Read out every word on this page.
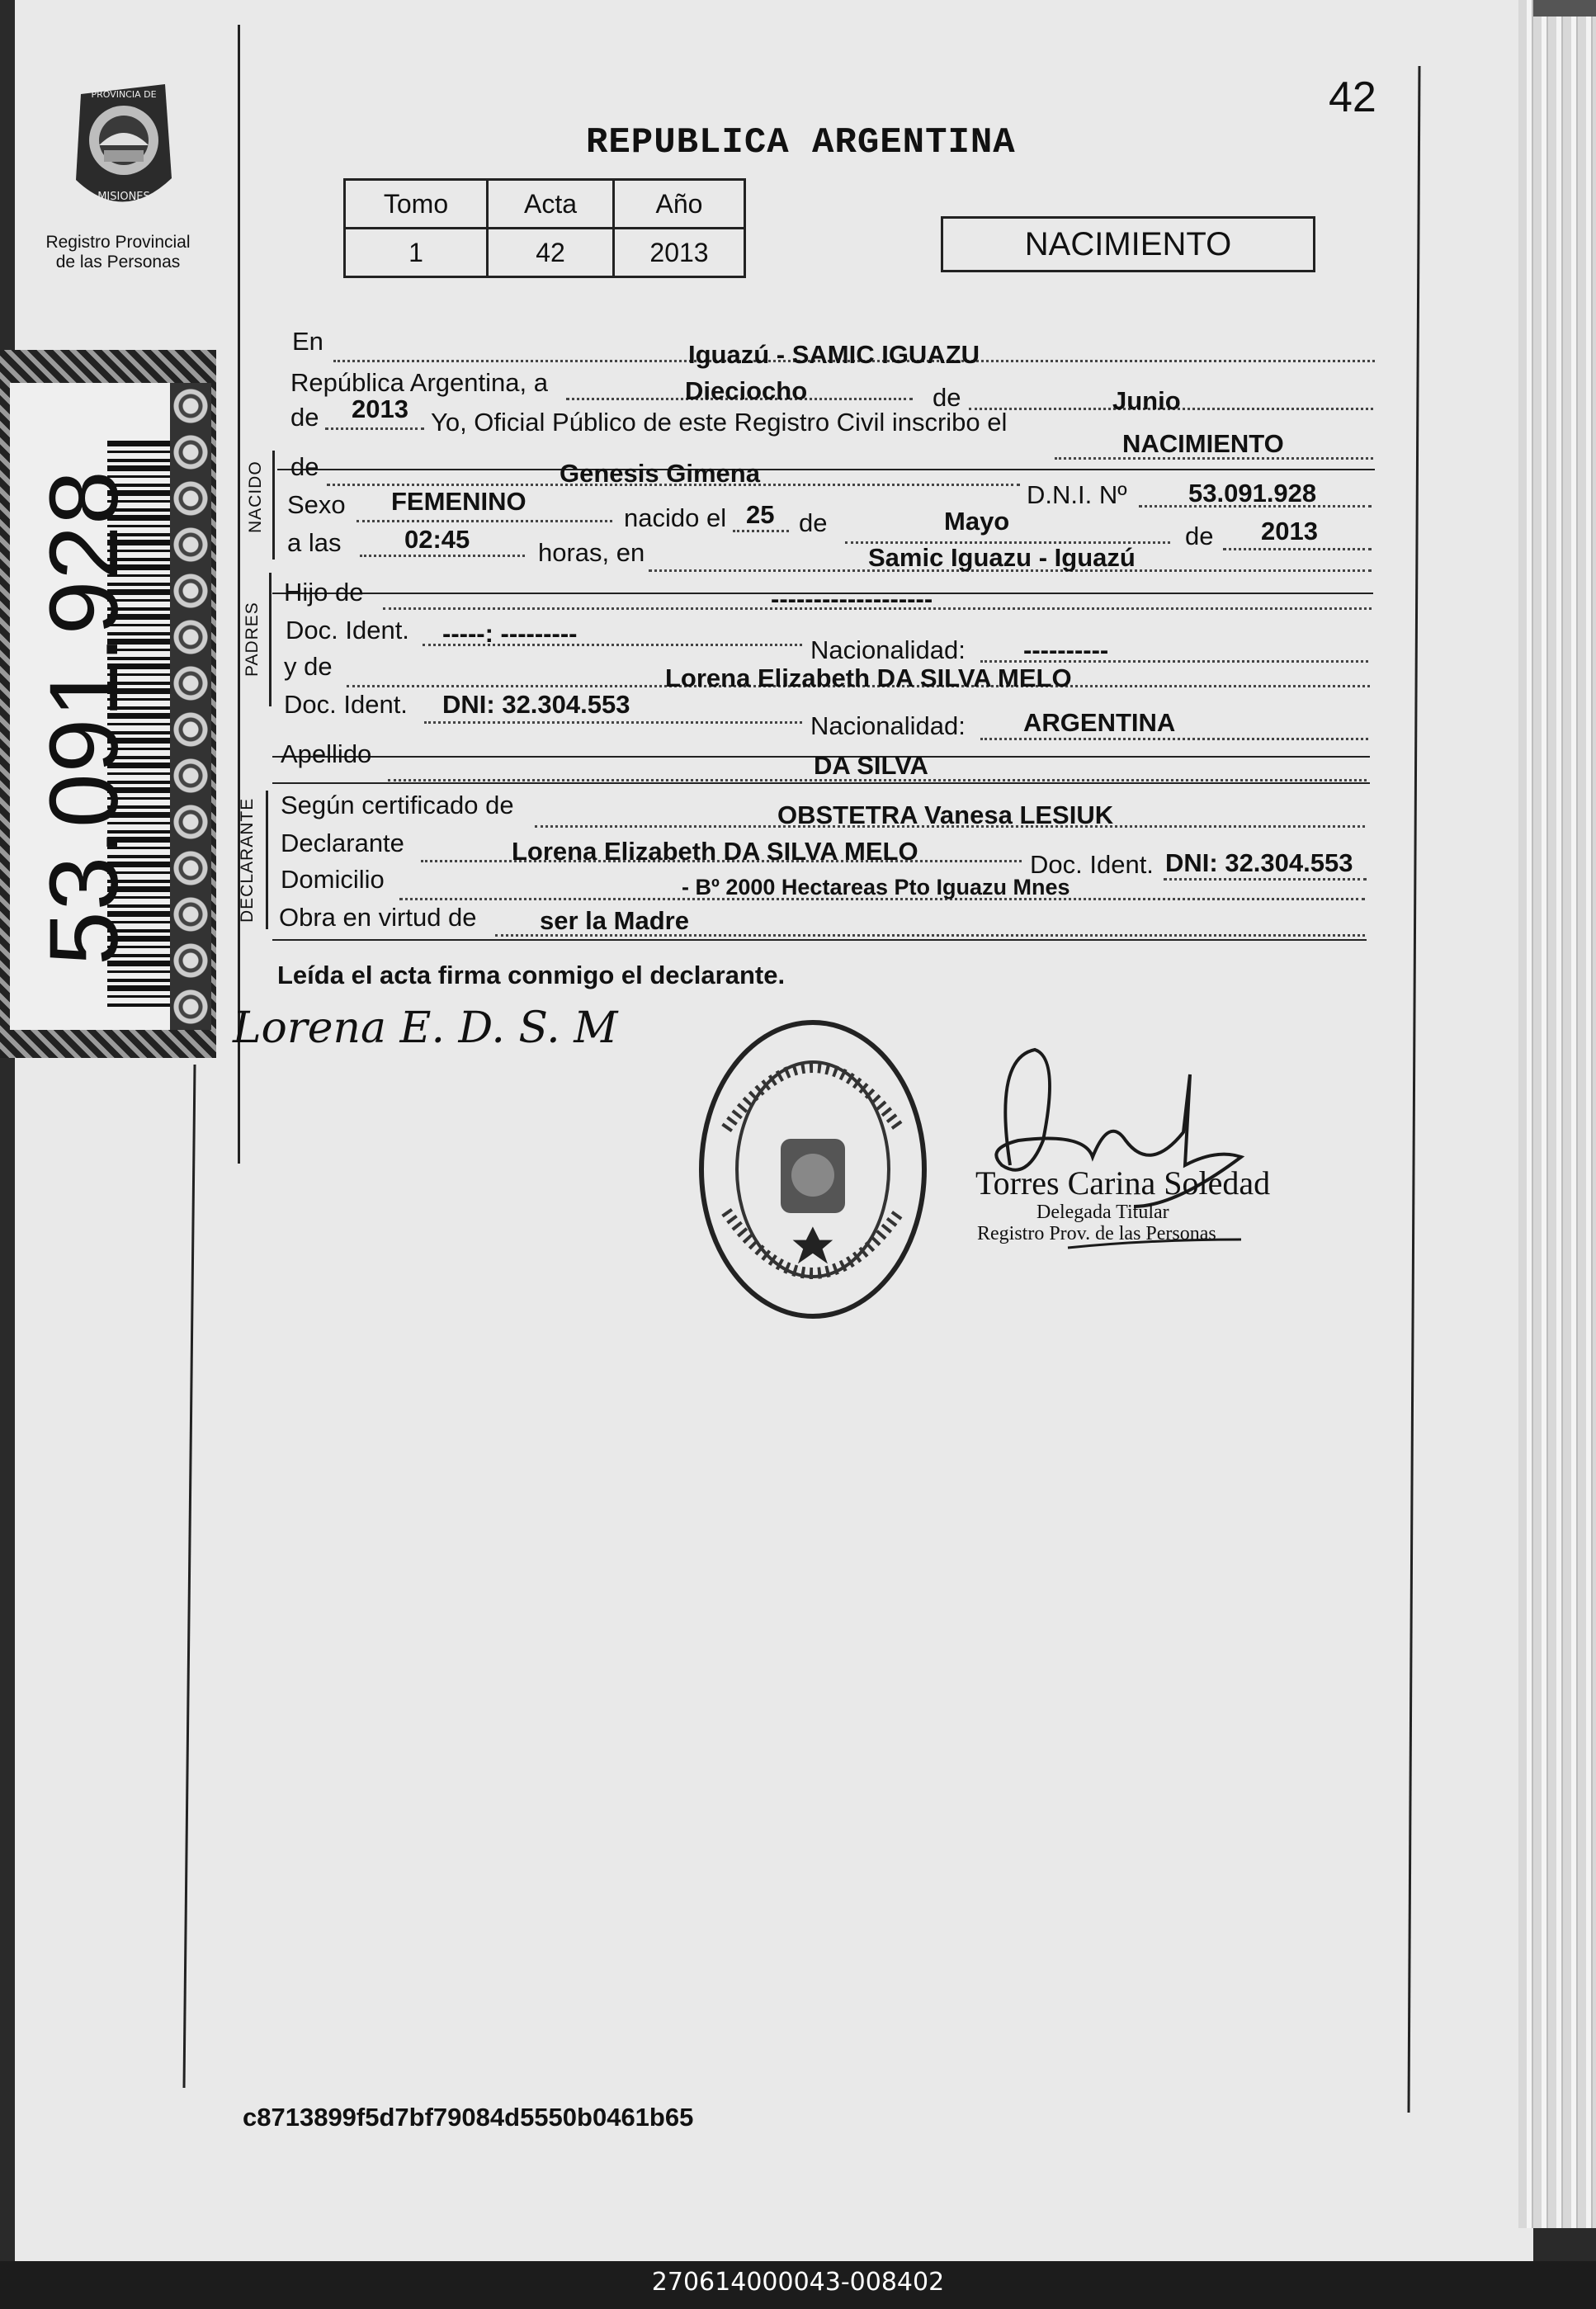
PROVINCIA DE
MISIONES
Registro Provincial
de las Personas
42
REPUBLICA ARGENTINA
Tomo	Acta	Año
1	42	2013	NACIMIENTO
53.091.928	NACIDO
PADRES
DECLARANTE
En	Iguazú - SAMIC IGUAZU
República Argentina, a	Dieciocho	de	Junio
de 2013 Yo, Oficial Público de este Registro Civil inscribo el
NACIMIENTO
de	Genesis Gimena
D.N.I. Nº 53.091.928
Sexo FEMENINO
nacido el 25 de	Mayo
de 2013
a las 02:45	horas, en	Samic Iguazu - Iguazú
Hijo de	-------------------
Doc. Ident. -----: ---------
Nacionalidad: ----------
y de	Lorena Elizabeth DA SILVA MELO
Doc. Ident. DNI: 32.304.553
Nacionalidad: ARGENTINA
Apellido	DA SILVA
Según certificado de	OBSTETRA Vanesa LESIUK
Declarante	Lorena Elizabeth DA SILVA MELO	Doc. Ident. DNI: 32.304.553
Domicilio	- Bº 2000 Hectareas Pto Iguazu Mnes
Obra en virtud de ser la Madre
Leída el acta firma conmigo el declarante.
Lorena E. D. S. M
Torres Carina Soledad
Delegada Titular
Registro Prov. de las Personas
c8713899f5d7bf79084d5550b0461b65
270614000043-008402
